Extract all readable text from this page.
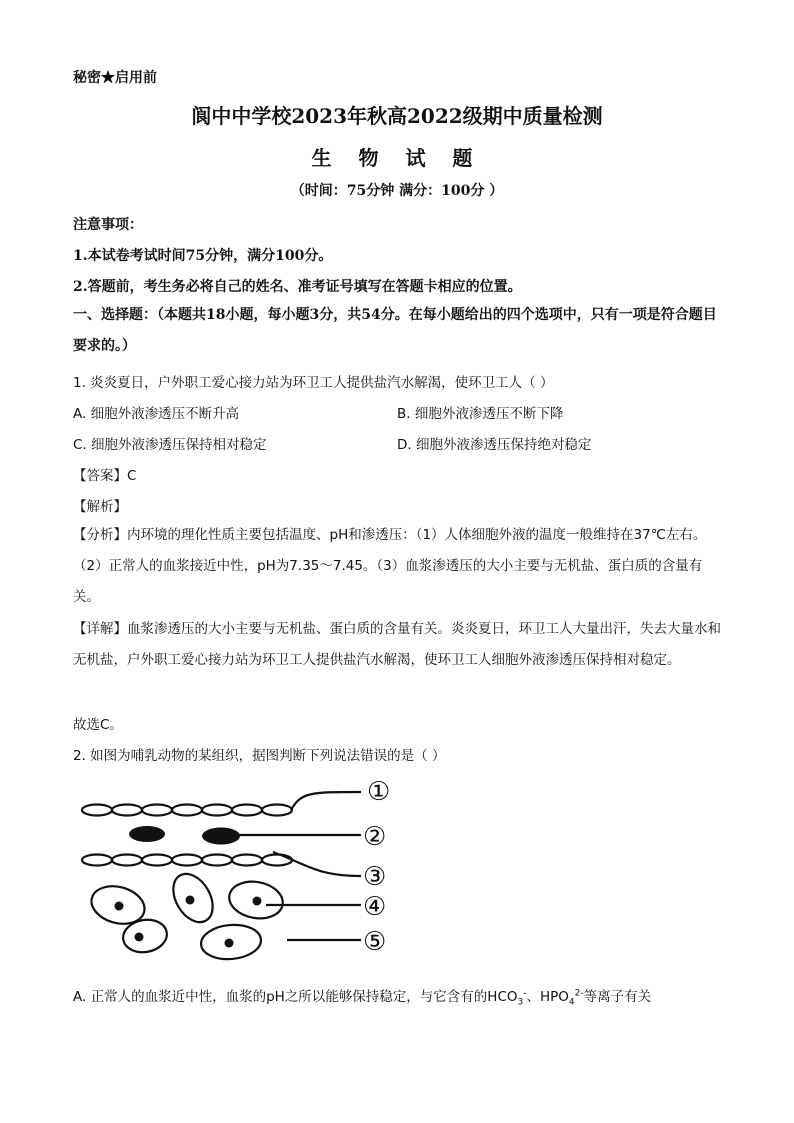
秘密★启用前
阆中中学校2023年秋高2022级期中质量检测
生 物 试 题
（时间：75分钟 满分：100分 ）
注意事项：
1.本试卷考试时间75分钟，满分100分。
2.答题前，考生务必将自己的姓名、准考证号填写在答题卡相应的位置。
一、选择题：（本题共18小题，每小题3分，共54分。在每小题给出的四个选项中，只有一项是符合题目要求的。）
1. 炎炎夏日，户外职工爱心接力站为环卫工人提供盐汽水解渴，使环卫工人（ ）
A. 细胞外液渗透压不断升高	B. 细胞外液渗透压不断下降
C. 细胞外液渗透压保持相对稳定	D. 细胞外液渗透压保持绝对稳定
【答案】C
【解析】
【分析】内环境的理化性质主要包括温度、pH和渗透压：（1）人体细胞外液的温度一般维持在37℃左右。（2）正常人的血浆接近中性，pH为7.35～7.45。（3）血浆渗透压的大小主要与无机盐、蛋白质的含量有关。
【详解】血浆渗透压的大小主要与无机盐、蛋白质的含量有关。炎炎夏日，环卫工人大量出汗，失去大量水和无机盐，户外职工爱心接力站为环卫工人提供盐汽水解渴，使环卫工人细胞外液渗透压保持相对稳定。
故选C。
2. 如图为哺乳动物的某组织，据图判断下列说法错误的是（ ）
①
②
③
④
⑤
A. 正常人的血浆近中性，血浆的pH之所以能够保持稳定，与它含有的$HCO_3^-$、$HPO_4^{2-}$等离子有关
